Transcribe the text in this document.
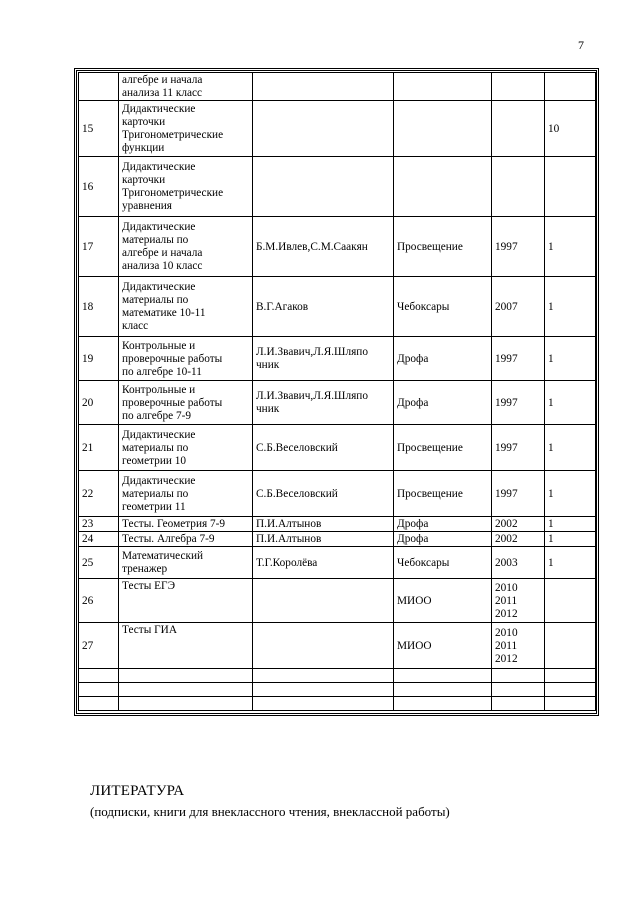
7
	алгебре и начала
анализа 11 класс				
15	Дидактические
карточки
Тригонометрические
функции				10
16	Дидактические
карточки
Тригонометрические
уравнения				
17	Дидактические
материалы по
алгебре и начала
анализа 10 класс	Б.М.Ивлев,С.М.Саакян	Просвещение	1997	1
18	Дидактические
материалы по
математике 10-11
класс	В.Г.Агаков	Чебоксары	2007	1
19	Контрольные и
проверочные работы
по алгебре 10-11	Л.И.Звавич,Л.Я.Шляпо
чник	Дрофа	1997	1
20	Контрольные и
проверочные работы
по алгебре 7-9	Л.И.Звавич,Л.Я.Шляпо
чник	Дрофа	1997	1
21	Дидактические
материалы по
геометрии 10	С.Б.Веселовский	Просвещение	1997	1
22	Дидактические
материалы по
геометрии 11	С.Б.Веселовский	Просвещение	1997	1
23	Тесты. Геометрия 7-9	П.И.Алтынов	Дрофа	2002	1
24	Тесты. Алгебра 7-9	П.И.Алтынов	Дрофа	2002	1
25	Математический
тренажер	Т.Г.Королёва	Чебоксары	2003	1
26	Тесты ЕГЭ		МИОО	2010
2011
2012	
27	Тесты ГИА		МИОО	2010
2011
2012	

ЛИТЕРАТУРА
(подписки, книги для внеклассного чтения, внеклассной работы)
